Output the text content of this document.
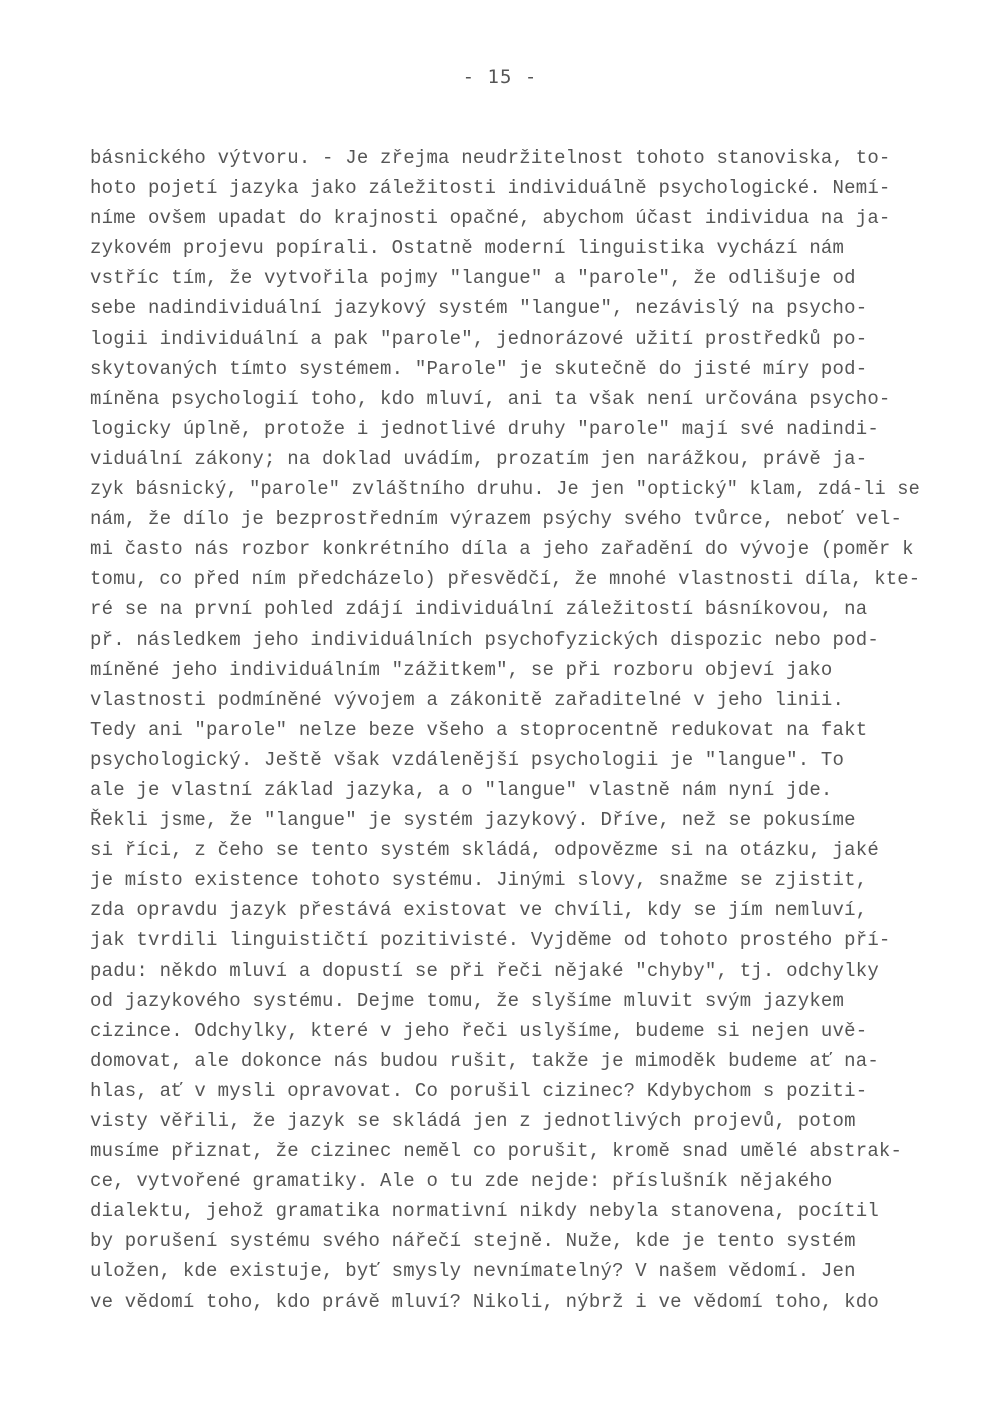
- 15 -
básnického výtvoru. - Je zřejma neudržitelnost tohoto stanoviska, to-
hoto pojetí jazyka jako záležitosti individuálně psychologické. Nemí-
níme ovšem upadat do krajnosti opačné, abychom účast individua na ja-
zykovém projevu popírali. Ostatně moderní linguistika vychází nám
vstříc tím, že vytvořila pojmy "langue" a "parole", že odlišuje od
sebe nadindividuální jazykový systém "langue", nezávislý na psycho-
logii individuální a pak "parole", jednorázové užití prostředků po-
skytovaných tímto systémem. "Parole" je skutečně do jisté míry pod-
míněna psychologií toho, kdo mluví, ani ta však není určována psycho-
logicky úplně, protože i jednotlivé druhy "parole" mají své nadindi-
viduální zákony; na doklad uvádím, prozatím jen narážkou, právě ja-
zyk básnický, "parole" zvláštního druhu. Je jen "optický" klam, zdá-li se
nám, že dílo je bezprostředním výrazem psýchy svého tvůrce, neboť vel-
mi často nás rozbor konkrétního díla a jeho zařadění do vývoje (poměr k
tomu, co před ním předcházelo) přesvědčí, že mnohé vlastnosti díla, kte-
ré se na první pohled zdájí individuální záležitostí básníkovou, na
př. následkem jeho individuálních psychofyzických dispozic nebo pod-
míněné jeho individuálním "zážitkem", se při rozboru objeví jako
vlastnosti podmíněné vývojem a zákonitě zařaditelné v jeho linii.
Tedy ani "parole" nelze beze všeho a stoprocentně redukovat na fakt
psychologický. Ještě však vzdálenější psychologii je "langue". To
ale je vlastní základ jazyka, a o "langue" vlastně nám nyní jde.
Řekli jsme, že "langue" je systém jazykový. Dříve, než se pokusíme
si říci, z čeho se tento systém skládá, odpovězme si na otázku, jaké
je místo existence tohoto systému. Jinými slovy, snažme se zjistit,
zda opravdu jazyk přestává existovat ve chvíli, kdy se jím nemluví,
jak tvrdili linguističtí pozitivisté. Vyjděme od tohoto prostého pří-
padu: někdo mluví a dopustí se při řeči nějaké "chyby", tj. odchylky
od jazykového systému. Dejme tomu, že slyšíme mluvit svým jazykem
cizince. Odchylky, které v jeho řeči uslyšíme, budeme si nejen uvě-
domovat, ale dokonce nás budou rušit, takže je mimoděk budeme ať na-
hlas, ať v mysli opravovat. Co porušil cizinec? Kdybychom s poziti-
visty věřili, že jazyk se skládá jen z jednotlivých projevů, potom
musíme přiznat, že cizinec neměl co porušit, kromě snad umělé abstrak-
ce, vytvořené gramatiky. Ale o tu zde nejde: příslušník nějakého
dialektu, jehož gramatika normativní nikdy nebyla stanovena, pocítil
by porušení systému svého nářečí stejně. Nuže, kde je tento systém
uložen, kde existuje, byť smysly nevnímatelný? V našem vědomí. Jen
ve vědomí toho, kdo právě mluví? Nikoli, nýbrž i ve vědomí toho, kdo
